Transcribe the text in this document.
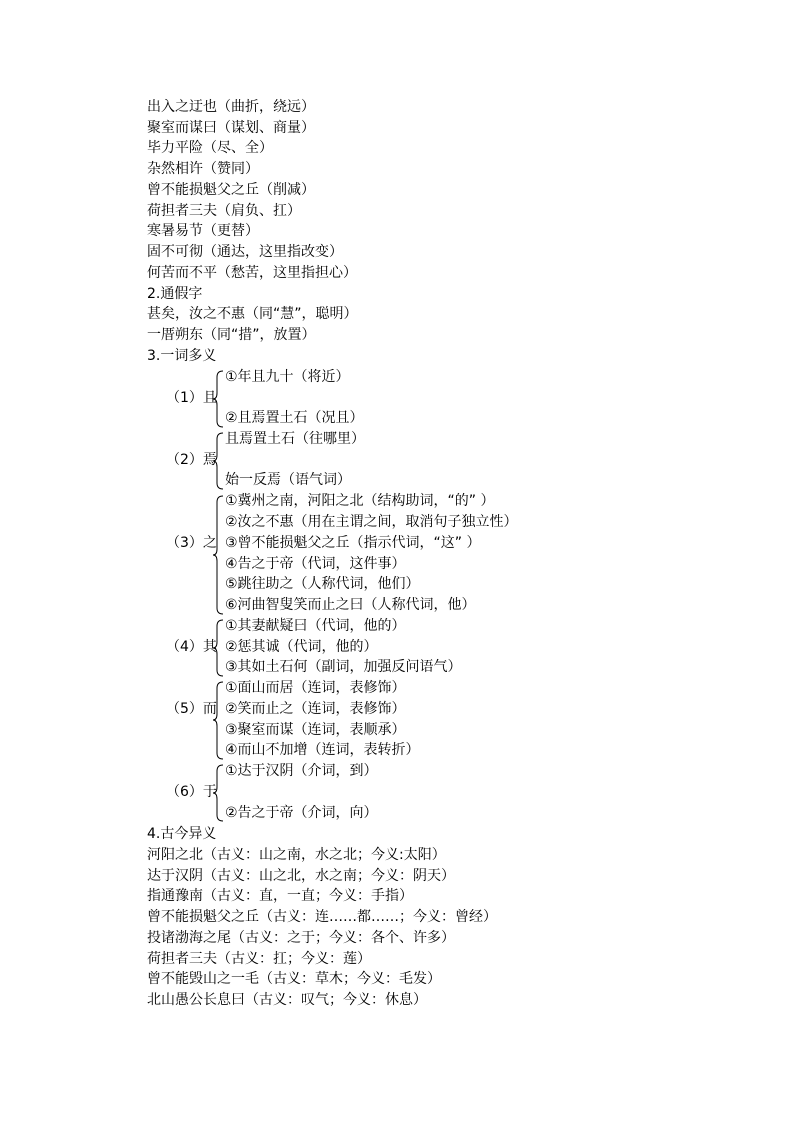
出入之迂也（曲折，绕远）
聚室而谋曰（谋划、商量）
毕力平险（尽、全）
杂然相许（赞同）
曾不能损魁父之丘（削减）
荷担者三夫（肩负、扛）
寒暑易节（更替）
固不可彻（通达，这里指改变）
何苦而不平（愁苦，这里指担心）
2.通假字
甚矣，汝之不惠（同“慧”，聪明）
一厝朔东（同“措”，放置）
3.一词多义
（1）且
①年且九十（将近）
②且焉置土石（况且）
（2）焉
且焉置土石（往哪里）
始一反焉（语气词）
（3）之
①冀州之南，河阳之北（结构助词，“的” ）
②汝之不惠（用在主谓之间，取消句子独立性）
③曾不能损魁父之丘（指示代词，“这” ）
④告之于帝（代词，这件事）
⑤跳往助之（人称代词，他们）
⑥河曲智叟笑而止之曰（人称代词，他）
（4）其
①其妻献疑曰（代词，他的）
②惩其诚（代词，他的）
③其如土石何（副词，加强反问语气）
（5）而
①面山而居（连词，表修饰）
②笑而止之（连词，表修饰）
③聚室而谋（连词，表顺承）
④而山不加增（连词，表转折）
（6）于
①达于汉阴（介词，到）
②告之于帝（介词，向）
4.古今异义
河阳之北（古义：山之南，水之北；今义:太阳）
达于汉阴（古义：山之北，水之南；今义：阴天）
指通豫南（古义：直，一直；今义：手指）
曾不能损魁父之丘（古义：连……都……；今义：曾经）
投诸渤海之尾（古义：之于；今义：各个、许多）
荷担者三夫（古义：扛；今义：莲）
曾不能毁山之一毛（古义：草木；今义：毛发）
北山愚公长息曰（古义：叹气；今义：休息）
